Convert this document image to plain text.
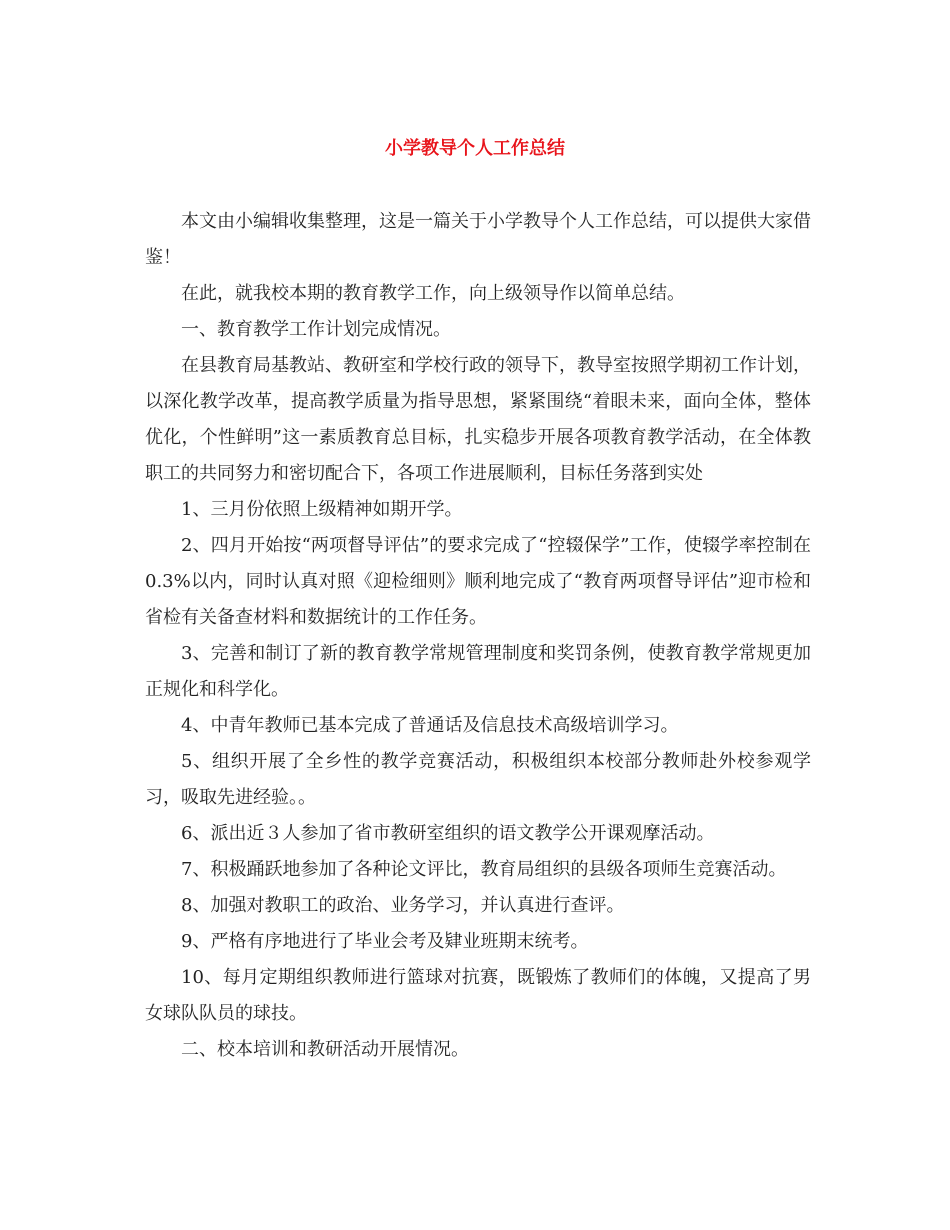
小学教导个人工作总结

本文由小编辑收集整理，这是一篇关于小学教导个人工作总结，可以提供大家借鉴！

在此，就我校本期的教育教学工作，向上级领导作以简单总结。

一、教育教学工作计划完成情况。

在县教育局基教站、教研室和学校行政的领导下，教导室按照学期初工作计划，以深化教学改革，提高教学质量为指导思想，紧紧围绕“着眼未来，面向全体，整体优化，个性鲜明”这一素质教育总目标，扎实稳步开展各项教育教学活动，在全体教职工的共同努力和密切配合下，各项工作进展顺利，目标任务落到实处

1、三月份依照上级精神如期开学。

2、四月开始按“两项督导评估”的要求完成了“控辍保学”工作，使辍学率控制在0.3%以内，同时认真对照《迎检细则》顺利地完成了“教育两项督导评估”迎市检和省检有关备查材料和数据统计的工作任务。

3、完善和制订了新的教育教学常规管理制度和奖罚条例，使教育教学常规更加正规化和科学化。

4、中青年教师已基本完成了普通话及信息技术高级培训学习。

5、组织开展了全乡性的教学竞赛活动，积极组织本校部分教师赴外校参观学习，吸取先进经验。。

6、派出近３人参加了省市教研室组织的语文教学公开课观摩活动。

7、积极踊跃地参加了各种论文评比，教育局组织的县级各项师生竞赛活动。

8、加强对教职工的政治、业务学习，并认真进行查评。

9、严格有序地进行了毕业会考及肄业班期末统考。

10、每月定期组织教师进行篮球对抗赛，既锻炼了教师们的体魄，又提高了男女球队队员的球技。

二、校本培训和教研活动开展情况。
